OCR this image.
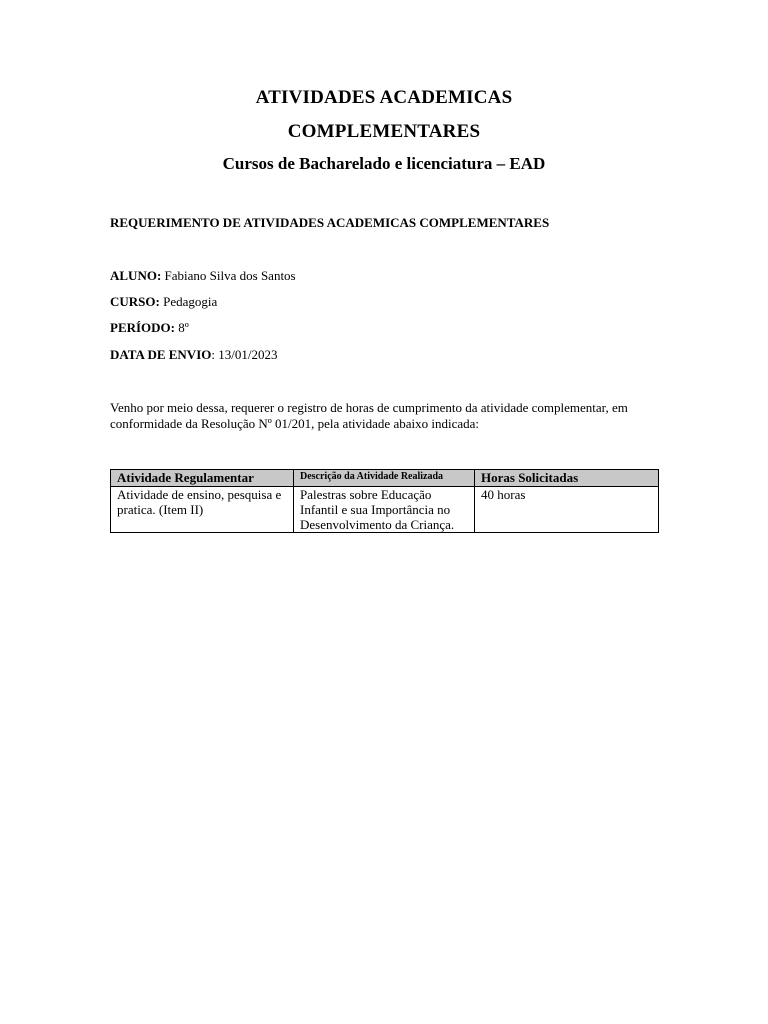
ATIVIDADES ACADEMICAS
COMPLEMENTARES
Cursos de Bacharelado e licenciatura – EAD
REQUERIMENTO DE ATIVIDADES ACADEMICAS COMPLEMENTARES
ALUNO: Fabiano Silva dos Santos
CURSO: Pedagogia
PERÍODO: 8º
DATA DE ENVIO: 13/01/2023
Venho por meio dessa, requerer o registro de horas de cumprimento da atividade complementar, em conformidade da Resolução Nº 01/201, pela atividade abaixo indicada:
Atividade Regulamentar	Descrição da Atividade Realizada	Horas Solicitadas
Atividade de ensino, pesquisa e pratica. (Item II)	Palestras sobre Educação Infantil e sua Importância no Desenvolvimento da Criança.	40 horas
